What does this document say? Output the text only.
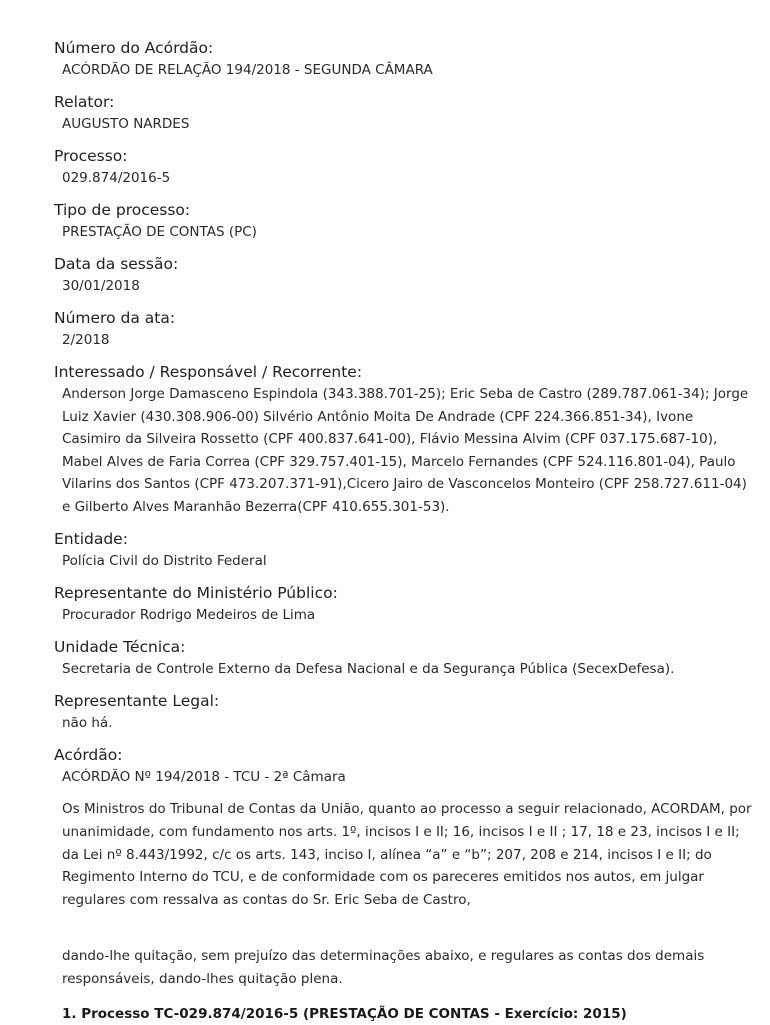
Número do Acórdão:
ACÓRDÃO DE RELAÇÃO 194/2018 - SEGUNDA CÂMARA
Relator:
AUGUSTO NARDES
Processo:
029.874/2016-5
Tipo de processo:
PRESTAÇÃO DE CONTAS (PC)
Data da sessão:
30/01/2018
Número da ata:
2/2018
Interessado / Responsável / Recorrente:
Anderson Jorge Damasceno Espindola (343.388.701-25); Eric Seba de Castro (289.787.061-34); Jorge Luiz Xavier (430.308.906-00) Silvério Antônio Moita De Andrade (CPF 224.366.851-34), Ivone Casimiro da Silveira Rossetto (CPF 400.837.641-00), Flávio Messina Alvim (CPF 037.175.687-10), Mabel Alves de Faria Correa (CPF 329.757.401-15), Marcelo Fernandes (CPF 524.116.801-04), Paulo Vilarins dos Santos (CPF 473.207.371-91),Cicero Jairo de Vasconcelos Monteiro (CPF 258.727.611-04) e Gilberto Alves Maranhão Bezerra(CPF 410.655.301-53).
Entidade:
Polícia Civil do Distrito Federal
Representante do Ministério Público:
Procurador Rodrigo Medeiros de Lima
Unidade Técnica:
Secretaria de Controle Externo da Defesa Nacional e da Segurança Pública (SecexDefesa).
Representante Legal:
não há.
Acórdão:
ACÓRDÃO Nº 194/2018 - TCU - 2ª Câmara
Os Ministros do Tribunal de Contas da União, quanto ao processo a seguir relacionado, ACORDAM, por unanimidade, com fundamento nos arts. 1º, incisos I e II; 16, incisos I e II ; 17, 18 e 23, incisos I e II; da Lei nº 8.443/1992, c/c os arts. 143, inciso I, alínea “a” e “b”; 207, 208 e 214, incisos I e II; do Regimento Interno do TCU, e de conformidade com os pareceres emitidos nos autos, em julgar regulares com ressalva as contas do Sr. Eric Seba de Castro,
dando-lhe quitação, sem prejuízo das determinações abaixo, e regulares as contas dos demais responsáveis, dando-lhes quitação plena.
1. Processo TC-029.874/2016-5 (PRESTAÇÃO DE CONTAS - Exercício: 2015)
